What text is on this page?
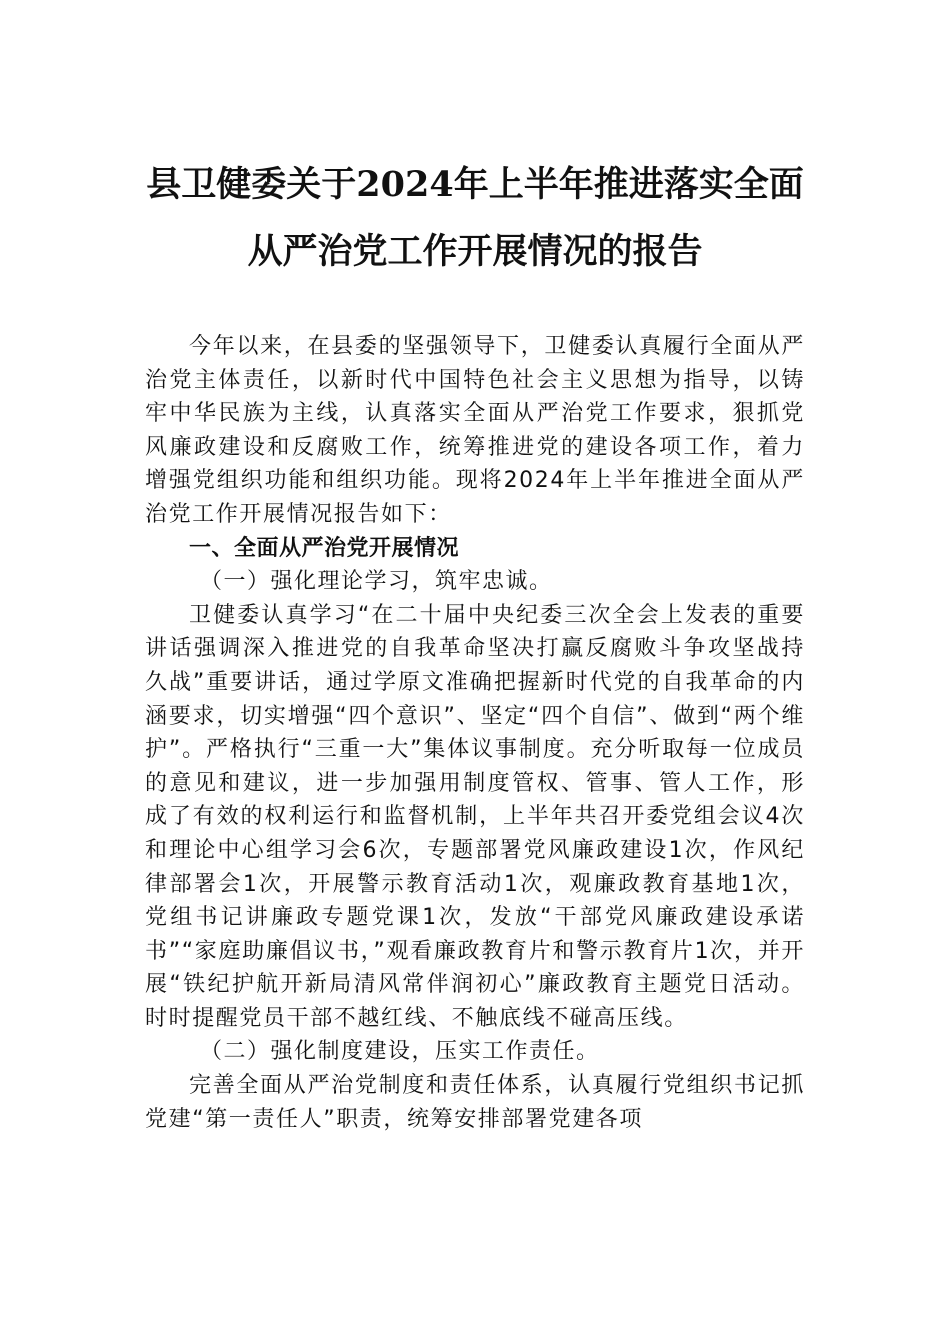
县卫健委关于2024年上半年推进落实全面
从严治党工作开展情况的报告

今年以来，在县委的坚强领导下，卫健委认真履行全面从严治党主体责任，以新时代中国特色社会主义思想为指导，以铸牢中华民族为主线，认真落实全面从严治党工作要求，狠抓党风廉政建设和反腐败工作，统筹推进党的建设各项工作，着力增强党组织功能和组织功能。现将2024年上半年推进全面从严治党工作开展情况报告如下：

一、全面从严治党开展情况

（一）强化理论学习，筑牢忠诚。

卫健委认真学习“在二十届中央纪委三次全会上发表的重要讲话强调深入推进党的自我革命坚决打赢反腐败斗争攻坚战持久战”重要讲话，通过学原文准确把握新时代党的自我革命的内涵要求，切实增强“四个意识”、坚定“四个自信”、做到“两个维护”。严格执行“三重一大”集体议事制度。充分听取每一位成员的意见和建议，进一步加强用制度管权、管事、管人工作，形成了有效的权利运行和监督机制，上半年共召开委党组会议4次和理论中心组学习会6次，专题部署党风廉政建设1次，作风纪律部署会1次，开展警示教育活动1次，观廉政教育基地1次，党组书记讲廉政专题党课1次，发放“干部党风廉政建设承诺书”“家庭助廉倡议书，”观看廉政教育片和警示教育片1次，并开展“铁纪护航开新局清风常伴润初心”廉政教育主题党日活动。时时提醒党员干部不越红线、不触底线不碰高压线。

（二）强化制度建设，压实工作责任。

完善全面从严治党制度和责任体系，认真履行党组织书记抓党建“第一责任人”职责，统筹安排部署党建各项
